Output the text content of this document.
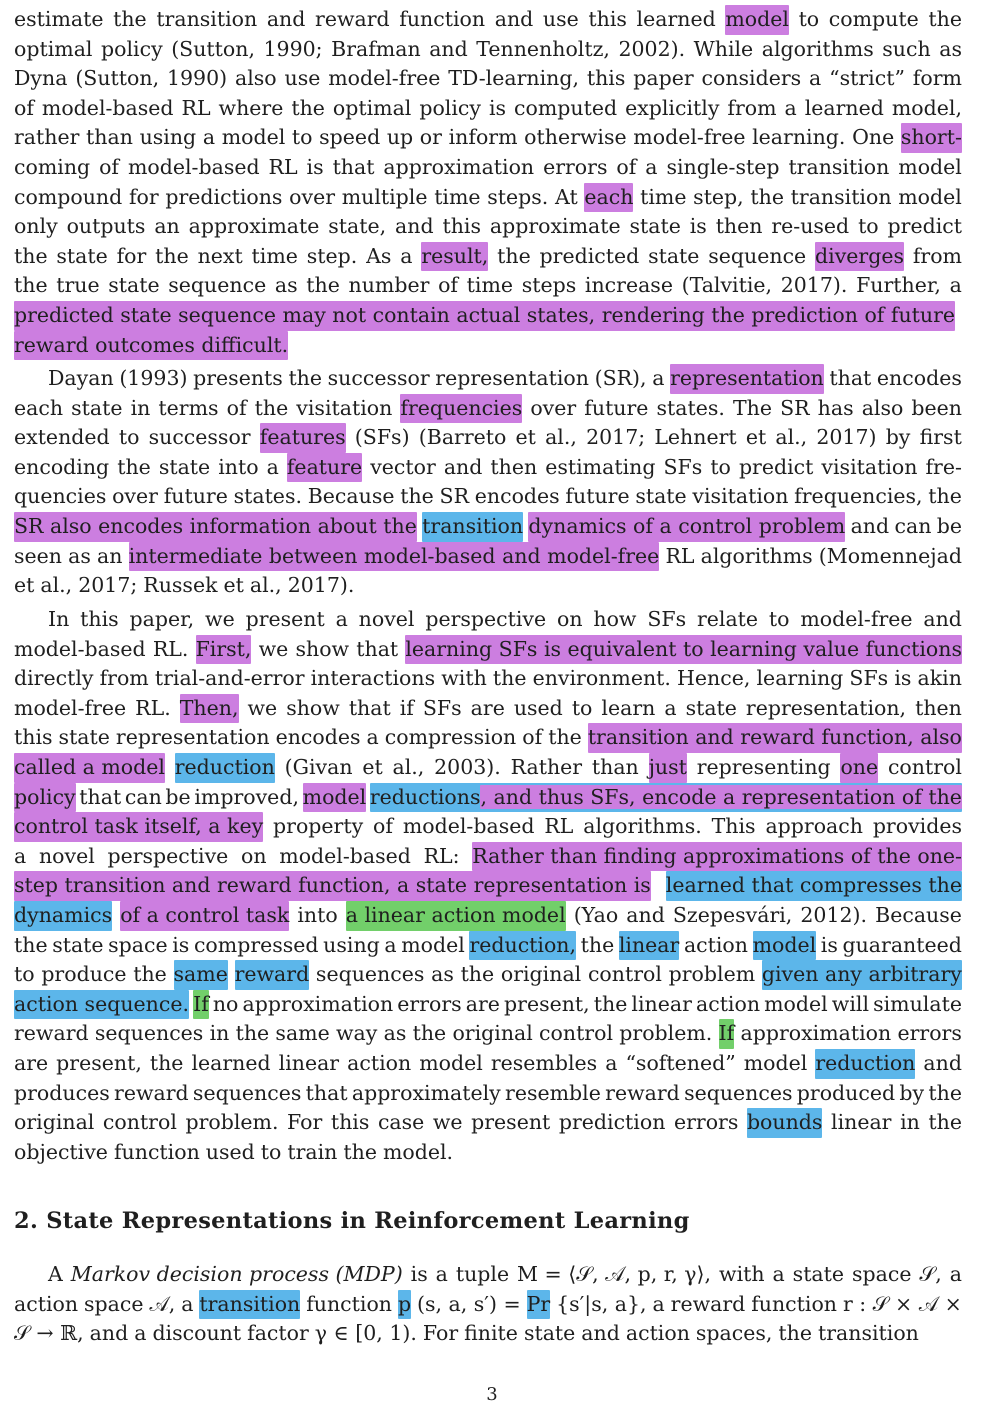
estimate the transition and reward function and use this learned model to compute the
optimal policy (Sutton, 1990; Brafman and Tennenholtz, 2002). While algorithms such as
Dyna (Sutton, 1990) also use model-free TD-learning, this paper considers a “strict” form
of model-based RL where the optimal policy is computed explicitly from a learned model,
rather than using a model to speed up or inform otherwise model-free learning. One short-
coming of model-based RL is that approximation errors of a single-step transition model
compound for predictions over multiple time steps. At each time step, the transition model
only outputs an approximate state, and this approximate state is then re-used to predict
the state for the next time step. As a result, the predicted state sequence diverges from
the true state sequence as the number of time steps increase (Talvitie, 2017). Further, a
predicted state sequence may not contain actual states, rendering the prediction of future
reward outcomes difficult.
Dayan (1993) presents the successor representation (SR), a representation that encodes
each state in terms of the visitation frequencies over future states. The SR has also been
extended to successor features (SFs) (Barreto et al., 2017; Lehnert et al., 2017) by first
encoding the state into a feature vector and then estimating SFs to predict visitation fre-
quencies over future states. Because the SR encodes future state visitation frequencies, the
SR also encodes information about the transition dynamics of a control problem and can be
seen as an intermediate between model-based and model-free RL algorithms (Momennejad
et al., 2017; Russek et al., 2017).
In this paper, we present a novel perspective on how SFs relate to model-free and
model-based RL. First, we show that learning SFs is equivalent to learning value functions
directly from trial-and-error interactions with the environment. Hence, learning SFs is akin
model-free RL. Then, we show that if SFs are used to learn a state representation, then
this state representation encodes a compression of the transition and reward function, also
called a model reduction (Givan et al., 2003). Rather than just representing one control
policy that can be improved, model reductions, and thus SFs, encode a representation of the
control task itself, a key property of model-based RL algorithms. This approach provides
a novel perspective on model-based RL: Rather than finding approximations of the one-
step transition and reward function, a state representation is learned that compresses the
dynamics of a control task into a linear action model (Yao and Szepesvári, 2012). Because
the state space is compressed using a model reduction, the linear action model is guaranteed
to produce the same reward sequences as the original control problem given any arbitrary
action sequence. If no approximation errors are present, the linear action model will simulate
reward sequences in the same way as the original control problem. If approximation errors
are present, the learned linear action model resembles a “softened” model reduction and
produces reward sequences that approximately resemble reward sequences produced by the
original control problem. For this case we present prediction errors bounds linear in the
objective function used to train the model.
2. State Representations in Reinforcement Learning
A Markov decision process (MDP) is a tuple M = ⟨𝒮, 𝒜, p, r, γ⟩, with a state space 𝒮, a
action space 𝒜, a transition function p (s, a, s′) = Pr {s′|s, a}, a reward function r : 𝒮 × 𝒜 ×
𝒮 → ℝ, and a discount factor γ ∈ [0, 1). For finite state and action spaces, the transition
3
